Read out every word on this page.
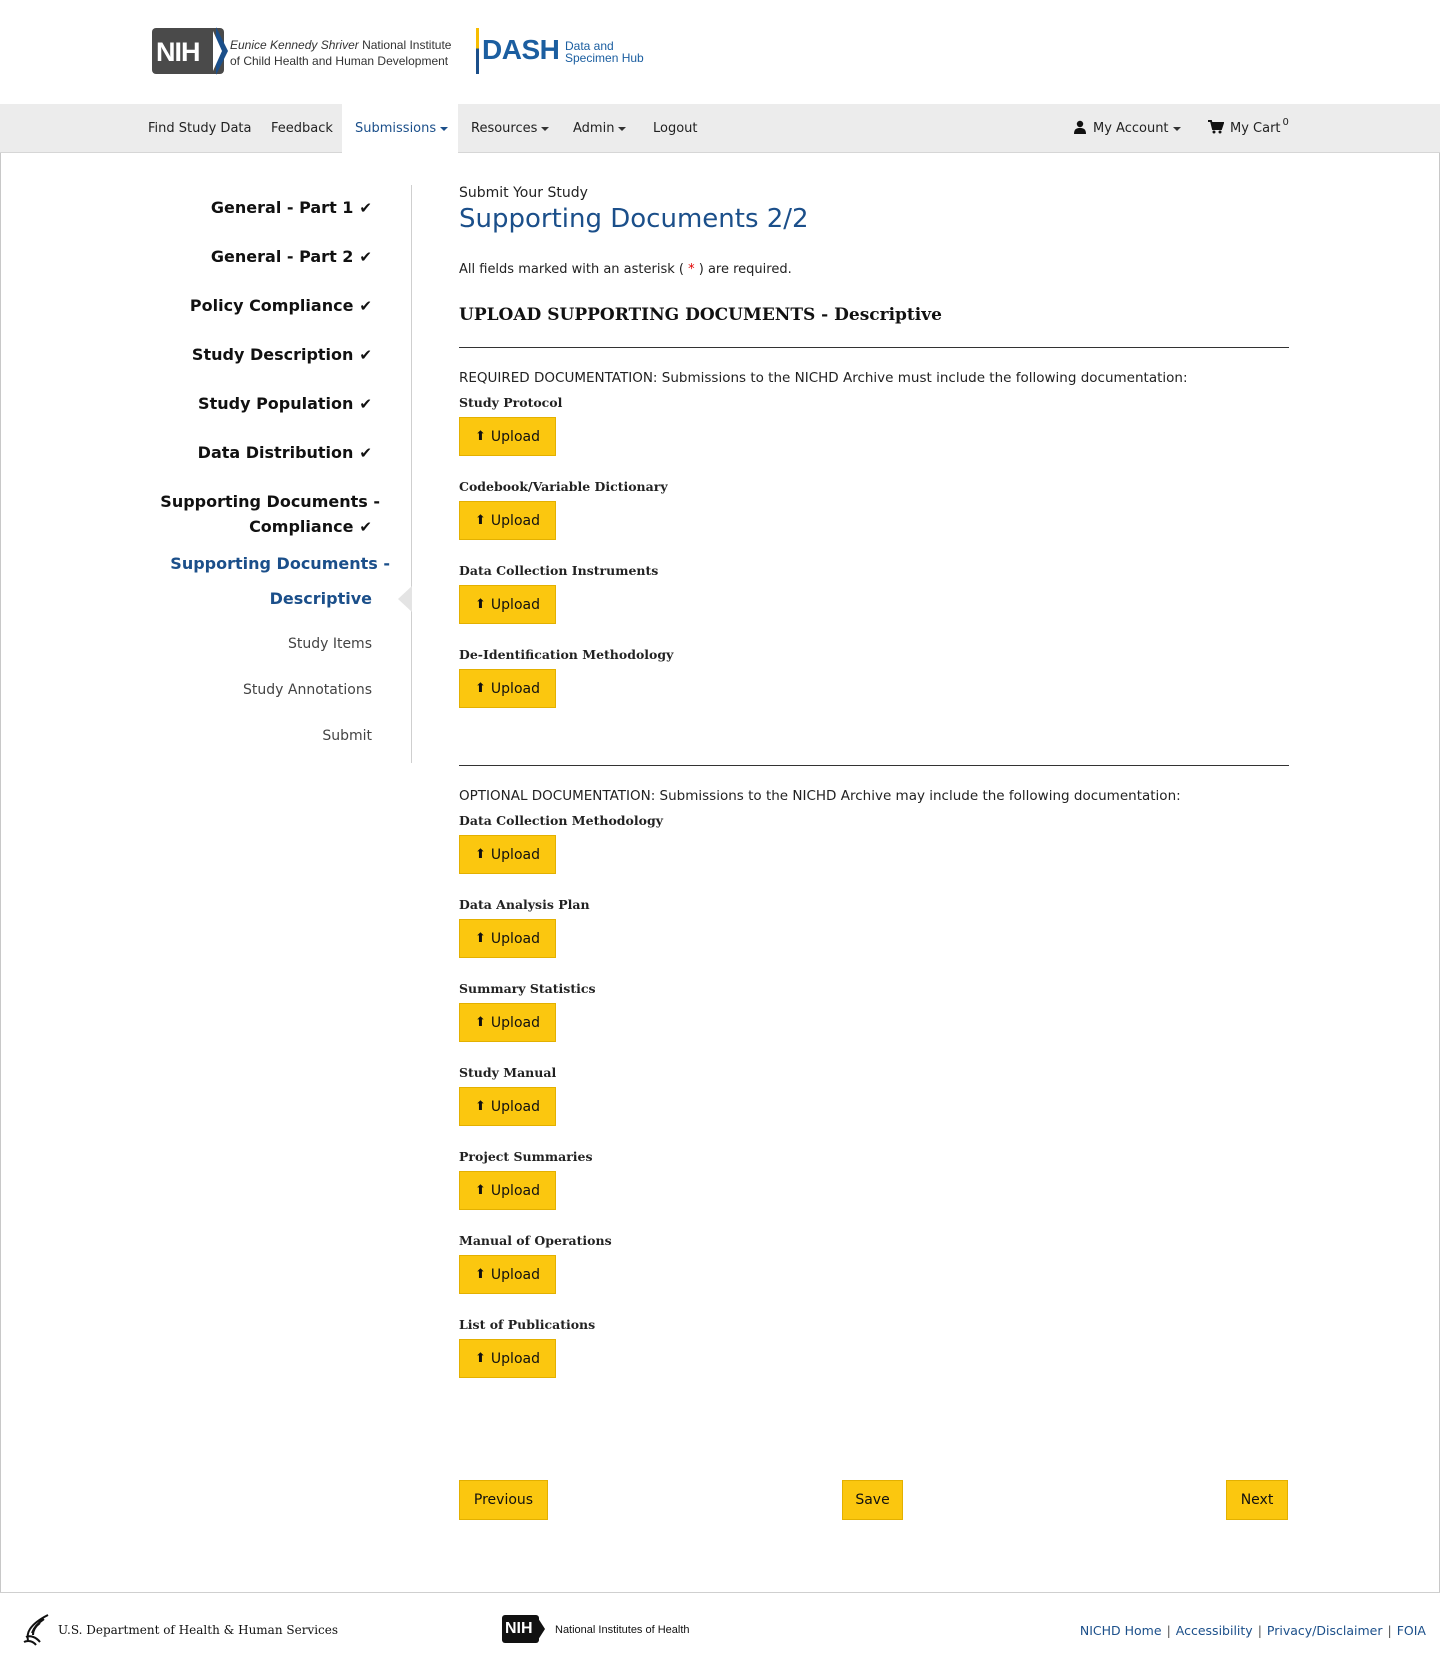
NIH	Eunice Kennedy Shriver National Institute
of Child Health and Human Development DASH Data and
Specimen Hub
Find Study Data	Feedback	Submissions	Resources	Admin	Logout	My Account	My Cart $^0$
General - Part 1 ✔
General - Part 2 ✔
Policy Compliance ✔
Study Description ✔
Study Population ✔
Data Distribution ✔
Supporting Documents -
Compliance ✔
Supporting Documents -
Descriptive
Study Items
Study Annotations
Submit
Submit Your Study
Supporting Documents 2/2
All fields marked with an asterisk ( * ) are required.
UPLOAD SUPPORTING DOCUMENTS - Descriptive
REQUIRED DOCUMENTATION: Submissions to the NICHD Archive must include the following documentation:
Study Protocol
⬆ Upload
Codebook/Variable Dictionary
⬆ Upload
Data Collection Instruments
⬆ Upload
De-Identification Methodology
⬆ Upload
OPTIONAL DOCUMENTATION: Submissions to the NICHD Archive may include the following documentation:
Data Collection Methodology
⬆ Upload
Data Analysis Plan
⬆ Upload
Summary Statistics
⬆ Upload
Study Manual
⬆ Upload
Project Summaries
⬆ Upload
Manual of Operations
⬆ Upload
List of Publications
⬆ Upload
Previous	Save	Next
U.S. Department of Health & Human Services	NIH National Institutes of Health	NICHD Home | Accessibility | Privacy/Disclaimer | FOIA
